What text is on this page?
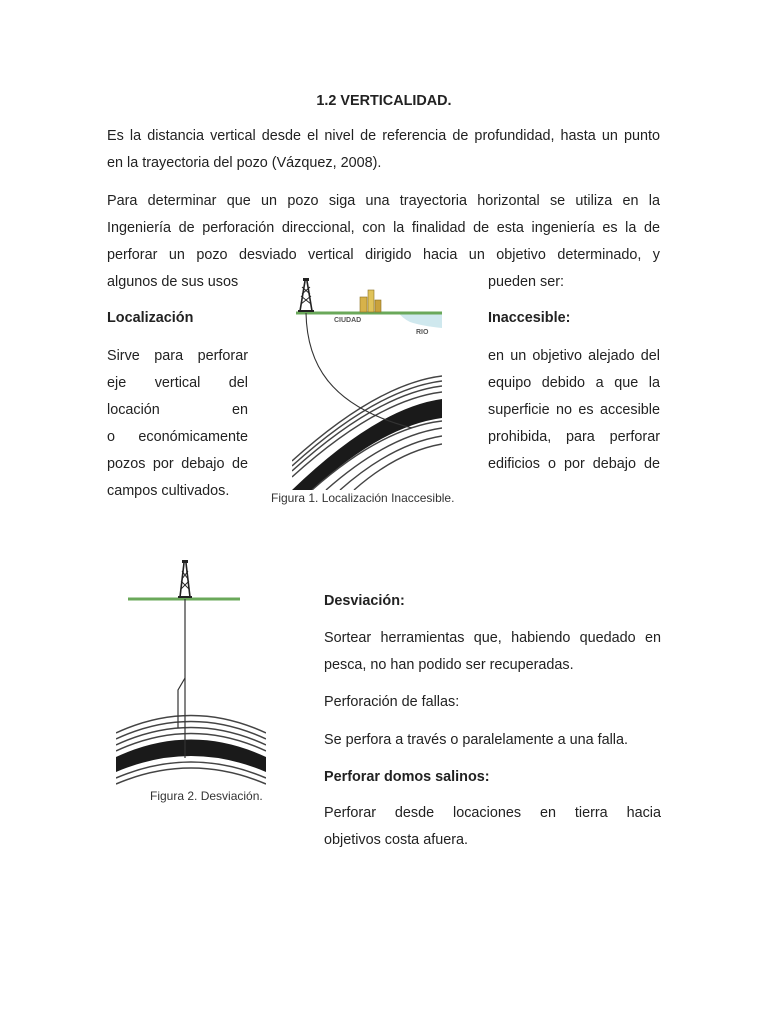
1.2 VERTICALIDAD.
Es la distancia vertical desde el nivel de referencia de profundidad, hasta un punto
en la trayectoria del pozo (Vázquez, 2008).
Para determinar que un pozo siga una trayectoria horizontal se utiliza en la
Ingeniería de perforación direccional, con la finalidad de esta ingeniería es la de
perforar un pozo desviado vertical dirigido hacia un objetivo determinado, y
algunos de sus usos	pueden ser:
Localización	Inaccesible:
Sirve para perforar
eje vertical del
locación en
o económicamente
pozos por debajo de
campos cultivados.
en un objetivo alejado del
equipo debido a que la
superficie no es accesible
prohibida, para perforar
edificios o por debajo de
CIUDAD
RIO
Figura 1. Localización Inaccesible.
Figura 2. Desviación.
Desviación:
Sortear herramientas que, habiendo quedado en
pesca, no han podido ser recuperadas.
Perforación de fallas:
Se perfora a través o paralelamente a una falla.
Perforar domos salinos:
Perforar desde locaciones en tierra hacia
objetivos costa afuera.
